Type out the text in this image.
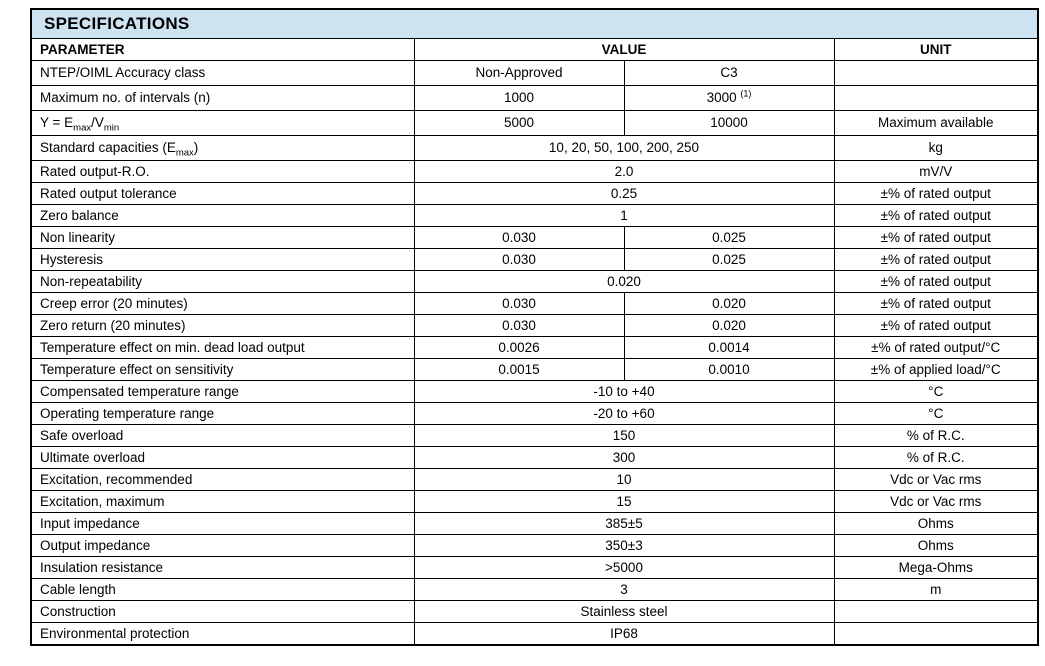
SPECIFICATIONS			
PARAMETER	VALUE		UNIT
NTEP/OIML Accuracy class	Non-Approved	C3	
Maximum no. of intervals (n)	1000	3000 $^{(1)}$	
$Y = E_{max}/V_{min}$	5000	10000	Maximum available
Standard capacities $(E_{max})$	10, 20, 50, 100, 200, 250		kg
Rated output-R.O.	2.0		mV/V
Rated output tolerance	0.25		±% of rated output
Zero balance	1		±% of rated output
Non linearity	0.030	0.025	±% of rated output
Hysteresis	0.030	0.025	±% of rated output
Non-repeatability	0.020		±% of rated output
Creep error (20 minutes)	0.030	0.020	±% of rated output
Zero return (20 minutes)	0.030	0.020	±% of rated output
Temperature effect on min. dead load output	0.0026	0.0014	±% of rated output/°C
Temperature effect on sensitivity	0.0015	0.0010	±% of applied load/°C
Compensated temperature range	-10 to +40		°C
Operating temperature range	-20 to +60		°C
Safe overload	150		% of R.C.
Ultimate overload	300		% of R.C.
Excitation, recommended	10		Vdc or Vac rms
Excitation, maximum	15		Vdc or Vac rms
Input impedance	385±5		Ohms
Output impedance	350±3		Ohms
Insulation resistance	>5000		Mega-Ohms
Cable length	3		m
Construction	Stainless steel		
Environmental protection	IP68		
